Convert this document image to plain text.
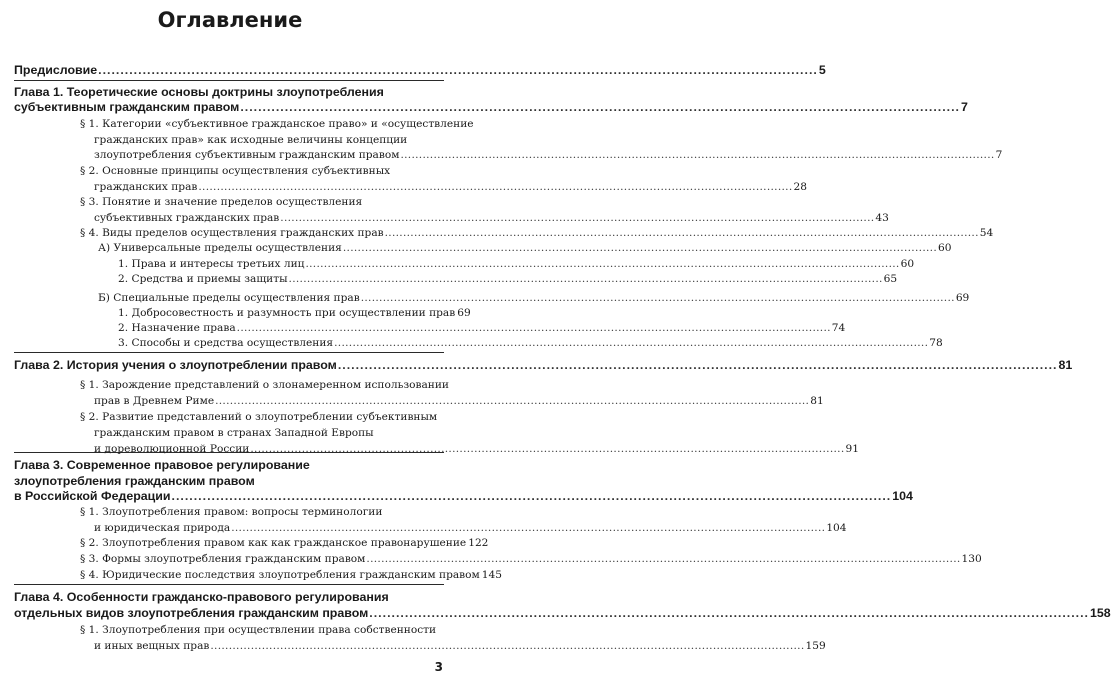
Оглавление
Предисловие .................................................................................................................................................................. 5
Глава 1. Теоретические основы доктрины злоупотребления
субъективным гражданским правом .................................................................................................................................................................. 7
§ 1. Категории «субъективное гражданское право» и «осуществление
гражданских прав» как исходные величины концепции
злоупотребления субъективным гражданским правом .................................................................................................................................................................. 7
§ 2. Основные принципы осуществления субъективных
гражданских прав .................................................................................................................................................................. 28
§ 3. Понятие и значение пределов осуществления
субъективных гражданских прав .................................................................................................................................................................. 43
§ 4. Виды пределов осуществления гражданских прав .................................................................................................................................................................. 54
А) Универсальные пределы осуществления .................................................................................................................................................................. 60
1. Права и интересы третьих лиц .................................................................................................................................................................. 60
2. Средства и приемы защиты .................................................................................................................................................................. 65
Б) Специальные пределы осуществления прав .................................................................................................................................................................. 69
1. Добросовестность и разумность при осуществлении прав 69
2. Назначение права .................................................................................................................................................................. 74
3. Способы и средства осуществления .................................................................................................................................................................. 78
Глава 2. История учения о злоупотреблении правом .................................................................................................................................................................. 81
§ 1. Зарождение представлений о злонамеренном использовании
прав в Древнем Риме .................................................................................................................................................................. 81
§ 2. Развитие представлений о злоупотреблении субъективным
гражданским правом в странах Западной Европы
и дореволюционной России .................................................................................................................................................................. 91
Глава 3. Современное правовое регулирование
злоупотребления гражданским правом
в Российской Федерации .................................................................................................................................................................. 104
§ 1. Злоупотребления правом: вопросы терминологии
и юридическая природа .................................................................................................................................................................. 104
§ 2. Злоупотребления правом как как гражданское правонарушение 122
§ 3. Формы злоупотребления гражданским правом .................................................................................................................................................................. 130
§ 4. Юридические последствия злоупотребления гражданским правом 145
Глава 4. Особенности гражданско-правового регулирования
отдельных видов злоупотребления гражданским правом .................................................................................................................................................................. 158
§ 1. Злоупотребления при осуществлении права собственности
и иных вещных прав .................................................................................................................................................................. 159
3
